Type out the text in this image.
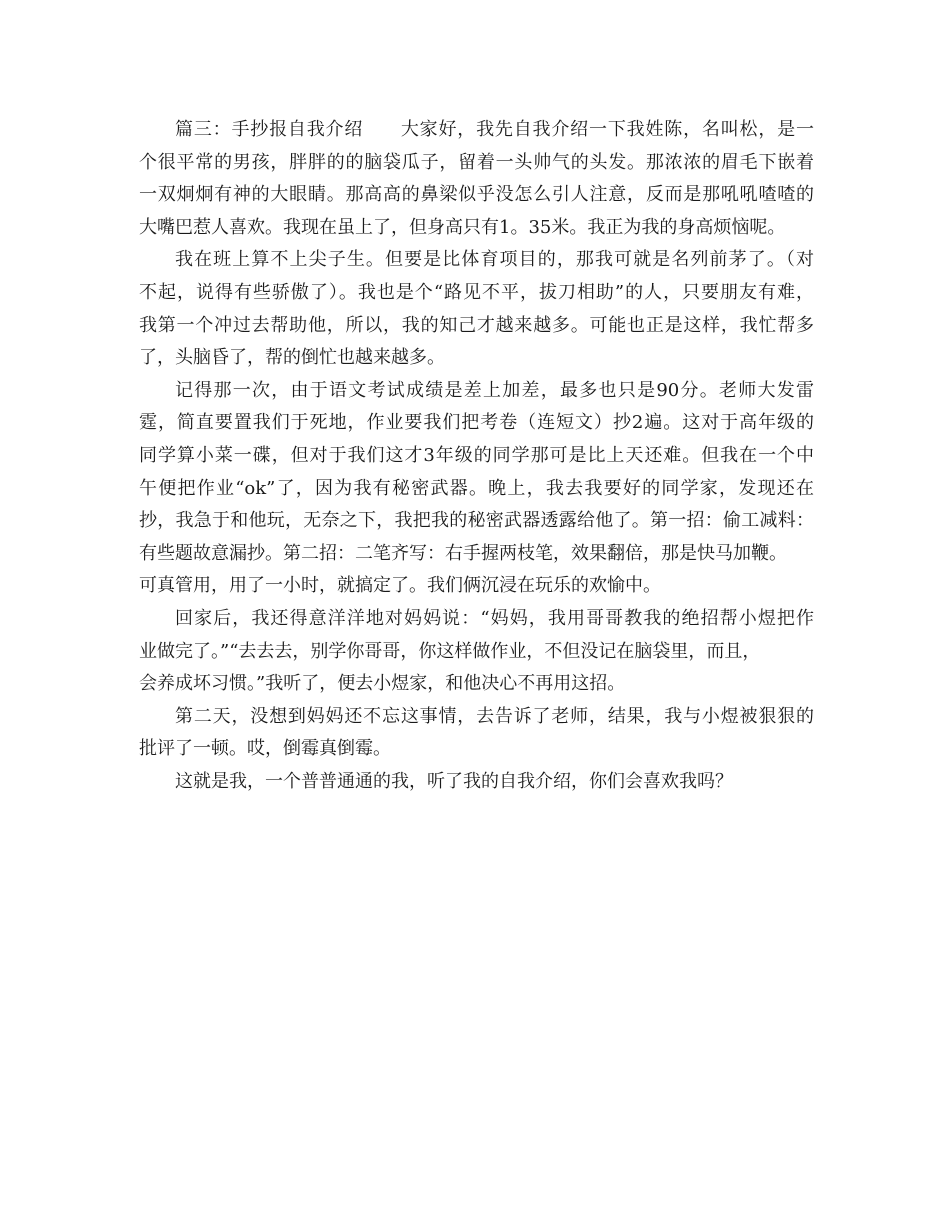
篇三：手抄报自我介绍　　大家好，我先自我介绍一下我姓陈，名叫松，是一
个很平常的男孩，胖胖的的脑袋瓜子，留着一头帅气的头发。那浓浓的眉毛下嵌着
一双炯炯有神的大眼睛。那高高的鼻梁似乎没怎么引人注意，反而是那吼吼喳喳的
大嘴巴惹人喜欢。我现在虽上了，但身高只有1。35米。我正为我的身高烦恼呢。
我在班上算不上尖子生。但要是比体育项目的，那我可就是名列前茅了。（对
不起，说得有些骄傲了）。我也是个“路见不平，拔刀相助”的人，只要朋友有难，
我第一个冲过去帮助他，所以，我的知己才越来越多。可能也正是这样，我忙帮多
了，头脑昏了，帮的倒忙也越来越多。
记得那一次，由于语文考试成绩是差上加差，最多也只是90分。老师大发雷
霆，简直要置我们于死地，作业要我们把考卷（连短文）抄2遍。这对于高年级的
同学算小菜一碟，但对于我们这才3年级的同学那可是比上天还难。但我在一个中
午便把作业“ok”了，因为我有秘密武器。晚上，我去我要好的同学家，发现还在
抄，我急于和他玩，无奈之下，我把我的秘密武器透露给他了。第一招：偷工减料：
有些题故意漏抄。第二招：二笔齐写：右手握两枝笔，效果翻倍，那是快马加鞭。
可真管用，用了一小时，就搞定了。我们俩沉浸在玩乐的欢愉中。
回家后，我还得意洋洋地对妈妈说：“妈妈，我用哥哥教我的绝招帮小煜把作
业做完了。”“去去去，别学你哥哥，你这样做作业，不但没记在脑袋里，而且，
会养成坏习惯。”我听了，便去小煜家，和他决心不再用这招。
第二天，没想到妈妈还不忘这事情，去告诉了老师，结果，我与小煜被狠狠的
批评了一顿。哎，倒霉真倒霉。
这就是我，一个普普通通的我，听了我的自我介绍，你们会喜欢我吗？
